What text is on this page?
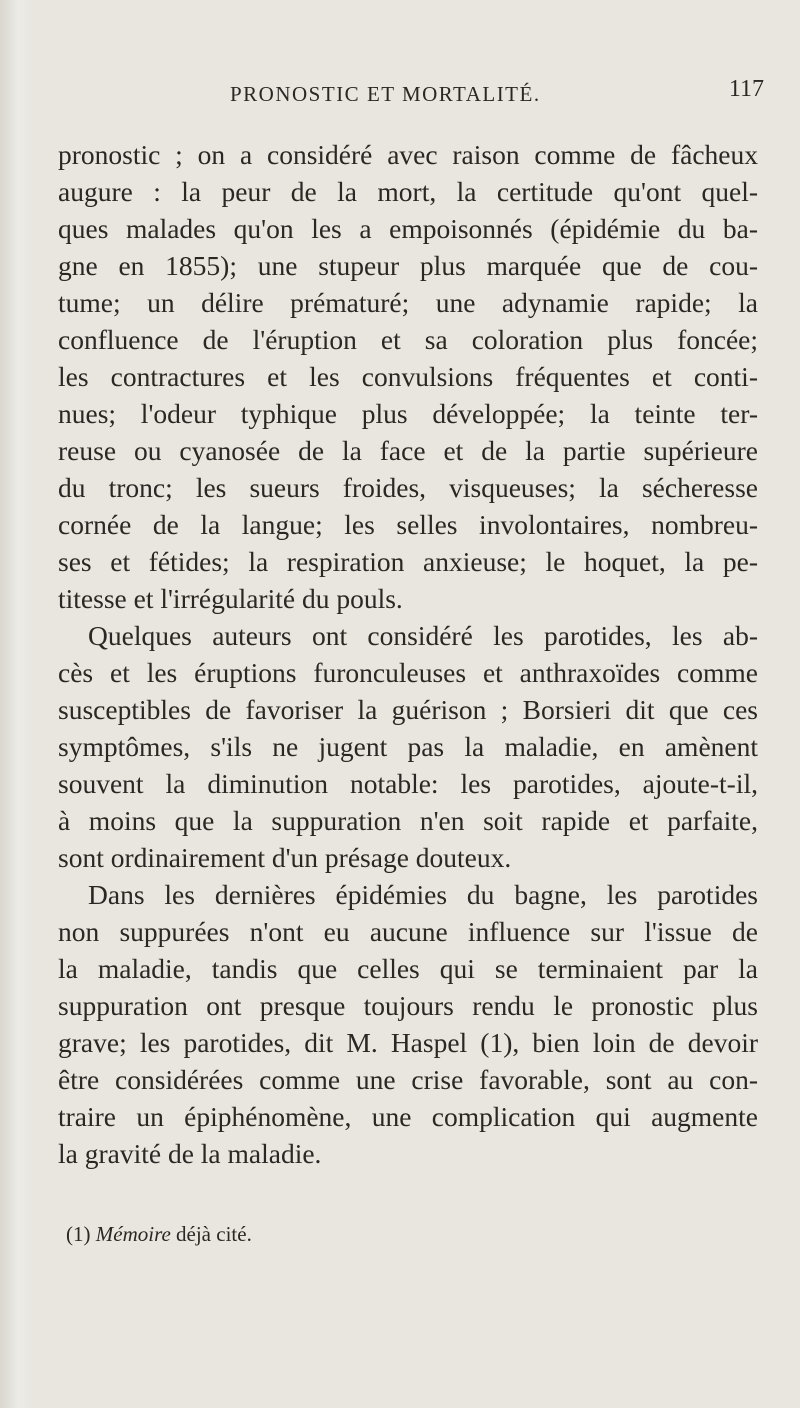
PRONOSTIC ET MORTALITÉ.	117
pronostic ; on a considéré avec raison comme de fâcheux
augure : la peur de la mort, la certitude qu'ont quel-
ques malades qu'on les a empoisonnés (épidémie du ba-
gne en 1855); une stupeur plus marquée que de cou-
tume; un délire prématuré; une adynamie rapide; la
confluence de l'éruption et sa coloration plus foncée;
les contractures et les convulsions fréquentes et conti-
nues; l'odeur typhique plus développée; la teinte ter-
reuse ou cyanosée de la face et de la partie supérieure
du tronc; les sueurs froides, visqueuses; la sécheresse
cornée de la langue; les selles involontaires, nombreu-
ses et fétides; la respiration anxieuse; le hoquet, la pe-
titesse et l'irrégularité du pouls.
Quelques auteurs ont considéré les parotides, les ab-
cès et les éruptions furonculeuses et anthraxoïdes comme
susceptibles de favoriser la guérison ; Borsieri dit que ces
symptômes, s'ils ne jugent pas la maladie, en amènent
souvent la diminution notable: les parotides, ajoute-t-il,
à moins que la suppuration n'en soit rapide et parfaite,
sont ordinairement d'un présage douteux.
Dans les dernières épidémies du bagne, les parotides
non suppurées n'ont eu aucune influence sur l'issue de
la maladie, tandis que celles qui se terminaient par la
suppuration ont presque toujours rendu le pronostic plus
grave; les parotides, dit M. Haspel (1), bien loin de devoir
être considérées comme une crise favorable, sont au con-
traire un épiphénomène, une complication qui augmente
la gravité de la maladie.
(1) Mémoire déjà cité.
